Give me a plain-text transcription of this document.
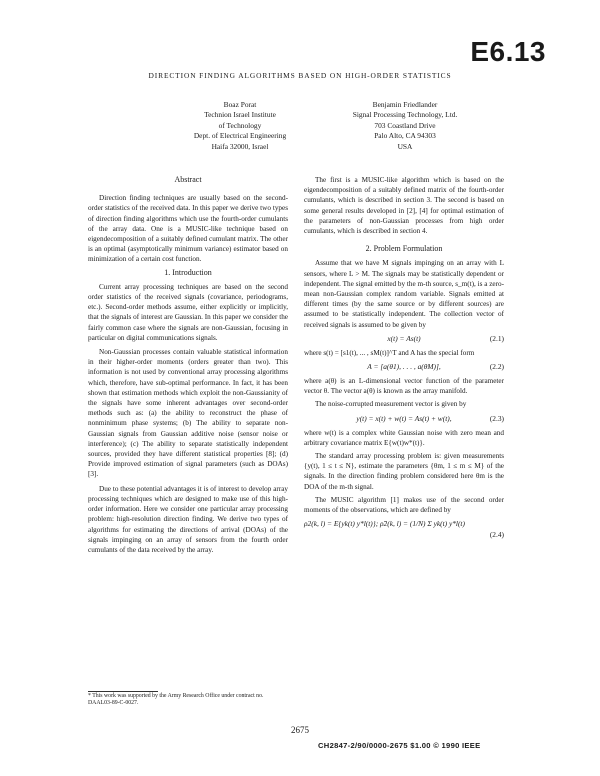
E6.13
DIRECTION FINDING ALGORITHMS BASED ON HIGH-ORDER STATISTICS
Boaz Porat
Technion Israel Institute
of Technology
Dept. of Electrical Engineering
Haifa 32000, Israel
Benjamin Friedlander
Signal Processing Technology, Ltd.
703 Coastland Drive
Palo Alto, CA 94303
USA
Abstract

Direction finding techniques are usually based on the second-order statistics of the received data. In this paper we derive two types of direction finding algorithms which use the fourth-order cumulants of the array data. One is a MUSIC-like technique based on eigendecomposition of a suitably defined cumulant matrix. The other is an optimal (asymptotically minimum variance) estimator based on minimization of a certain cost function.

1. Introduction

Current array processing techniques are based on the second order statistics of the received signals (covariance, periodograms, etc.). Second-order methods assume, either explicitly or implicitly, that the signals of interest are Gaussian. In this paper we consider the fairly common case where the signals are non-Gaussian, focusing in particular on digital communications signals.

Non-Gaussian processes contain valuable statistical information in their higher-order moments (orders greater than two). This information is not used by conventional array processing algorithms which, therefore, have sub-optimal performance. In fact, it has been shown that estimation methods which exploit the non-Gaussianity of the signals have some inherent advantages over second-order methods such as: (a) the ability to reconstruct the phase of nonminimum phase systems; (b) The ability to separate non-Gaussian signals from Gaussian additive noise (sensor noise or interference); (c) The ability to separate statistically independent sources, provided they have different statistical properties [8]; (d) Provide improved estimation of signal parameters (such as DOAs) [3].

Due to these potential advantages it is of interest to develop array processing techniques which are designed to make use of this high-order information. Here we consider one particular array processing problem: high-resolution direction finding. We derive two types of algorithms for estimating the directions of arrival (DOAs) of the signals impinging on an array of sensors from the fourth order cumulants of the data received by the array.

* This work was supported by the Army Research Office under contract no. DAAL03-89-C-0027.

The first is a MUSIC-like algorithm which is based on the eigendecomposition of a suitably defined matrix of the fourth-order cumulants, which is described in section 3. The second is based on some general results developed in [2], [4] for optimal estimation of the parameters of non-Gaussian processes from high order cumulants, which is described in section 4.

2. Problem Formulation

Assume that we have M signals impinging on an array with L sensors, where L > M. The signals may be statistically dependent or independent. The signal emitted by the m-th source, s_m(t), is a zero-mean non-Gaussian complex random variable. Signals emitted at different times (by the same source or by different sources) are assumed to be statistically independent. The collection vector of received signals is assumed to be given by

x(t) = As(t)	(2.1)

where s(t) = [s1(t), ... , sM(t)]^T and A has the special form

A = [a(θ1), . . . , a(θM)],	(2.2)

where a(θ) is an L-dimensional vector function of the parameter vector θ. The vector a(θ) is known as the array manifold.

The noise-corrupted measurement vector is given by

y(t) = x(t) + w(t) = As(t) + w(t),	(2.3)

where w(t) is a complex white Gaussian noise with zero mean and arbitrary covariance matrix E{w(t)w*(t)}.

The standard array processing problem is: given measurements {y(t), 1 ≤ t ≤ N}, estimate the parameters {θm, 1 ≤ m ≤ M} of the signals. In the direction finding problem considered here θm is the DOA of the m-th signal.

The MUSIC algorithm [1] makes use of the second order moments of the observations, which are defined by

ρ2(k, l) = E{yk(t) y*l(t)}; ρ̂2(k, l) = (1/N) Σ yk(t) y*l(t)
(2.4)
2675
CH2847-2/90/0000-2675 $1.00 © 1990 IEEE
